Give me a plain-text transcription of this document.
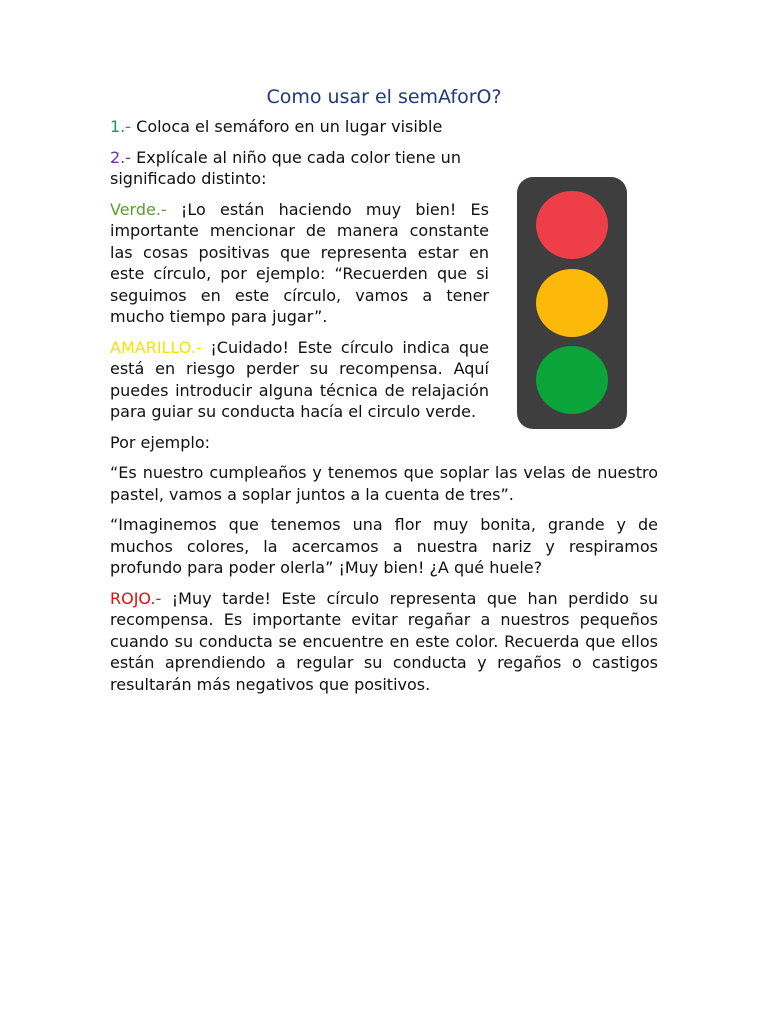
Como usar el semAforO?

1.- Coloca el semáforo en un lugar visible

2.- Explícale al niño que cada color tiene un significado distinto:

Verde.- ¡Lo están haciendo muy bien! Es importante mencionar de manera constante las cosas positivas que representa estar en este círculo, por ejemplo: “Recuerden que si seguimos en este círculo, vamos a tener mucho tiempo para jugar”.

AMARILLO.- ¡Cuidado! Este círculo indica que está en riesgo perder su recompensa. Aquí puedes introducir alguna técnica de relajación para guiar su conducta hacía el circulo verde.

Por ejemplo:

“Es nuestro cumpleaños y tenemos que soplar las velas de nuestro pastel, vamos a soplar juntos a la cuenta de tres”.

“Imaginemos que tenemos una flor muy bonita, grande y de muchos colores, la acercamos a nuestra nariz y respiramos profundo para poder olerla” ¡Muy bien! ¿A qué huele?

ROJO.- ¡Muy tarde! Este círculo representa que han perdido su recompensa. Es importante evitar regañar a nuestros pequeños cuando su conducta se encuentre en este color. Recuerda que ellos están aprendiendo a regular su conducta y regaños o castigos resultarán más negativos que positivos.
